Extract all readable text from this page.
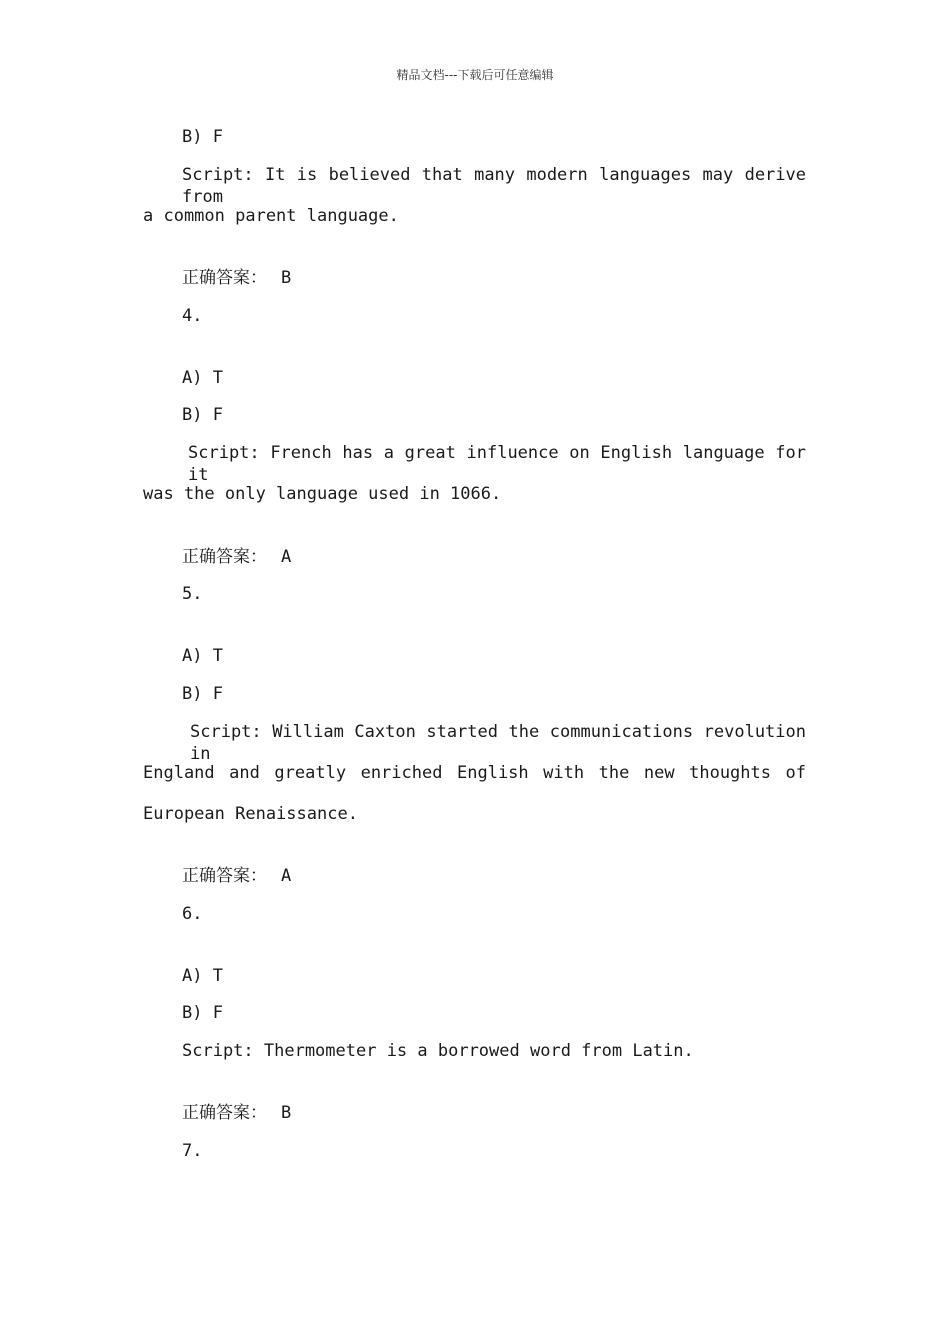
精品文档---下载后可任意编辑
B) F
Script: It is believed that many modern languages may derive from
a common parent language.
正确答案： B
4.
A) T
B) F
Script: French has a great influence on English language for it
was the only language used in 1066.
正确答案： A
5.
A) T
B) F
Script: William Caxton started the communications revolution in
England and greatly enriched English with the new thoughts of
European Renaissance.
正确答案： A
6.
A) T
B) F
Script: Thermometer is a borrowed word from Latin.
正确答案： B
7.
